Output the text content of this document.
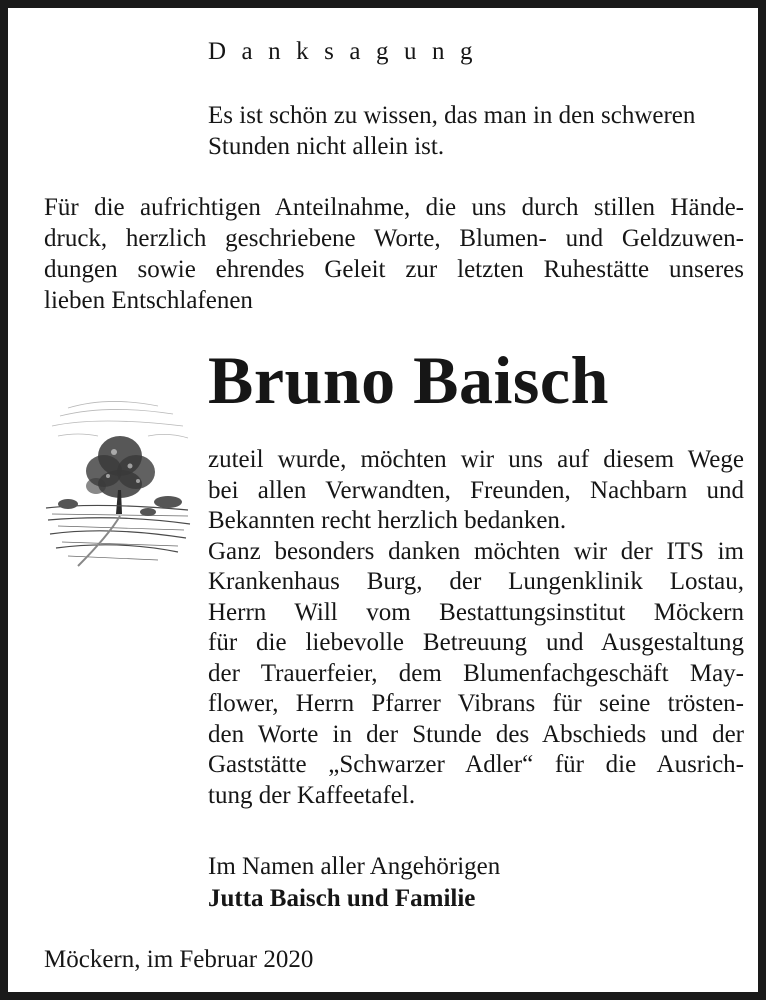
Danksagung

Es ist schön zu wissen, das man in den schweren
Stunden nicht allein ist.
Für die aufrichtigen Anteilnahme, die uns durch stillen Hände-
druck, herzlich geschriebene Worte, Blumen- und Geldzuwen-
dungen sowie ehrendes Geleit zur letzten Ruhestätte unseres
lieben Entschlafenen

Bruno Baisch

zuteil wurde, möchten wir uns auf diesem Wege
bei allen Verwandten, Freunden, Nachbarn und
Bekannten recht herzlich bedanken.
Ganz besonders danken möchten wir der ITS im
Krankenhaus Burg, der Lungenklinik Lostau,
Herrn Will vom Bestattungsinstitut Möckern
für die liebevolle Betreuung und Ausgestaltung
der Trauerfeier, dem Blumenfachgeschäft May-
flower, Herrn Pfarrer Vibrans für seine trösten-
den Worte in der Stunde des Abschieds und der
Gaststätte „Schwarzer Adler“ für die Ausrich-
tung der Kaffeetafel.
Im Namen aller Angehörigen
Jutta Baisch und Familie

Möckern, im Februar 2020
